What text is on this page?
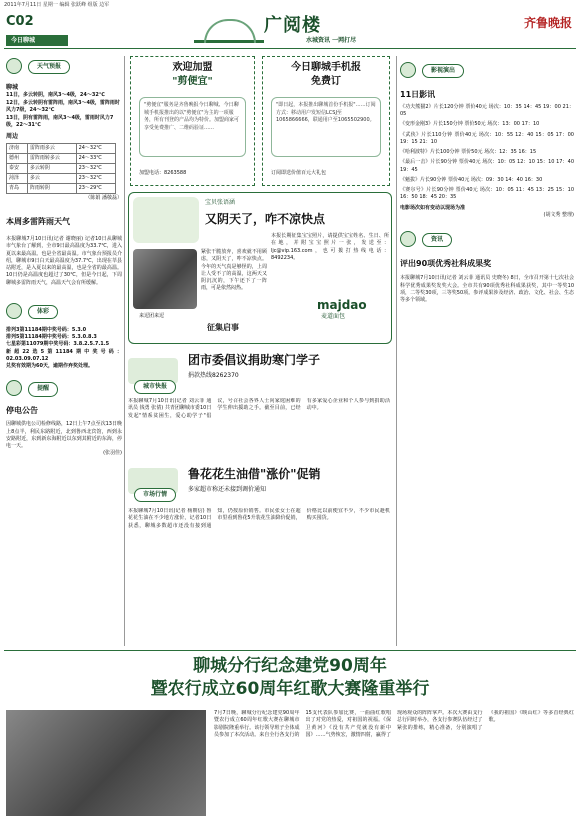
2011年7月11日 星期一 编辑 张跃峰 组版 边军
C02
今日聊城
广阅楼
水城资讯 一网打尽
齐鲁晚报
天气预报
聊城
11日，多云转阴，南风3～4级，24～32℃
12日，多云转阴有雷阵雨，南风3～4级，雷阵雨时风力7级，24～32℃
13日，阴有雷阵雨，南风3～4级，雷雨时风力7级，22～31℃
周边
济南	雷阵雨多云	24～32℃
德州	雷阵雨转多云	24～33℃
泰安	多云转阴	23～32℃
菏泽	多云	23～32℃
青岛	阵雨转阴	23～29℃
（陈娟 潘敬磊）
本周多雷阵雨天气
本报聊城7月10日讯(记者 谢晓丽) 记者10日从聊城市气象台了解到，全市9日最高温度为33.7℃，进入夏以来最高温。也是全省最高温。市气象台预报员介绍，聊城市9日白天最高温度为37.7℃，出现在莘县站附近，是入夏以来的最高温，也是全省的最高温。10日仍是高温度也超过了30℃，但是今日起，下周聊城多雷阵雨天气，高温天气会有所缓解。
体彩
排列3第11184期中奖号码：5.3.0
排列5第11184期中奖号码：5.3.0.8.3
七星彩第11079期中奖号码：3.8.2.5.7.1.5
新超22选5第11184期中奖号码：02.03.09.07.12
兑奖有效期为60天，逾期作弃奖处理。
提醒
停电公告
因聊城供电公司检修线路，12日上午7点至次13日晚上8点半，利民东路附近，北到鲁西北宾馆，西到永安路附近，东到新东海附近以东到其附近的东海，停电一天。
(张羽佳)
欢迎加盟
"剪便宜"
"剪便宜"服务是齐鲁晚报今日聊城、今日聊城手机报推出的以"剪便宜"为主的一项服务，所有刊登的产品均为特价。加盟商家可享受免费推广、二维码验证……
加盟电话：8263588
今日聊城手机报
免费订
"即日起，本报推出聊城首份手机报"……订阅方式：移动用户发短信LCSJ至1065866666，联通用户至1065502900。
订阅即送价值百元大礼包
宝贝张语涵
又阴天了，咋不凉快点
紧张干脆放弃，喜欢就不用顾虑，又阴天了，咋不凉快点。今年的天气真是够怪的，上周让人受不了的高温，这两天又阴沉沉的，下午还下了一阵雨，可是依然闷热。
本报长期征集宝宝照片，请提供宝宝姓名、生日、所在地，并附宝宝照片一张，发送至：ljc@vip.163.com，也可拨打热线电话：8492234。
征集启事
majdao
麦道面包
来逗团来逗
城市快报
团市委倡议捐助寒门学子
捐款热线8262370
本报聊城7月10日讯(记者 刘云菲 通讯员 钱勇 张倩) 共青团聊城市委10日发起"情系贫困生，爱心助学子"倡议，号召社会各界人士向家庭困难的学生伸出援助之手。截至目前，已经有多家爱心企业和个人参与到捐助活动中。
市场行情
鲁花花生油借"涨价"促销
多家超市称还未接到调价通知
本报聊城7月10日讯(记者 杨朝信) 鲁花花生油在不少地方涨价，记者10日获悉，聊城多数超市还没有接到通知，仍按原价销售。市民张女士在超市里看到鲁花5升装花生油降价促销，价格比以前便宜不少，不少市民趁机购买囤货。
影视演出
11日影讯
《功夫熊猫2》片长120分钟 票价40元 场次：10：35 14：45 19：00 21：05
《变形金刚3》片长150分钟 票价50元 场次：13：00 17：10
《武侠》片长110分钟 票价40元 场次：10：55 12：40 15：05 17：00 19：15 21：10
《哈利波特》片长100分钟 票价50元 场次：12：35 16：15
《最后一击》片长90分钟 票价40元 场次：10：05 12：10 15：10 17：40 19：45
《魁拔》片长90分钟 票价40元 场次：09：30 14：40 16：30
《赛尔号》片长90分钟 票价40元 场次：10：05 11：45 13：25 15：10 16：50 18：45 20：35
电影场次如有变动以现场为准
(胡文秀 整理)
资讯
评出90项优秀社科成果奖
本报聊城7月10日讯(记者 刘云菲 通讯员 史晓冬) 8日，全市召开第十七次社会科学优秀成果奖发奖大会。全市共有90项优秀社科成果获奖，其中一等奖10项，二等奖30项，三等奖50项。参评成果涉及经济、政治、文化、社会、生态等多个领域。
聊城分行纪念建党90周年
暨农行成立60周年红歌大赛隆重举行
7月7日晚，聊城分行纪念建党90周年暨农行成立60周年红歌大赛在聊城市影剧院隆重举行。该行领导班子全体成员参加了本次活动。来自全行各支行的15支代表队参加比赛，一曲曲红歌唱出了对党的热爱，对祖国的祝福。《保卫黄河》《没有共产党就没有新中国》……气势恢宏，激情四射，赢得了现场观众的阵阵掌声。本次大赛由支行总行同时举办，各支行参赛队伍经过了紧张的排练，精心准备，分别演唱了《我的祖国》《映山红》等多首经典红歌。
